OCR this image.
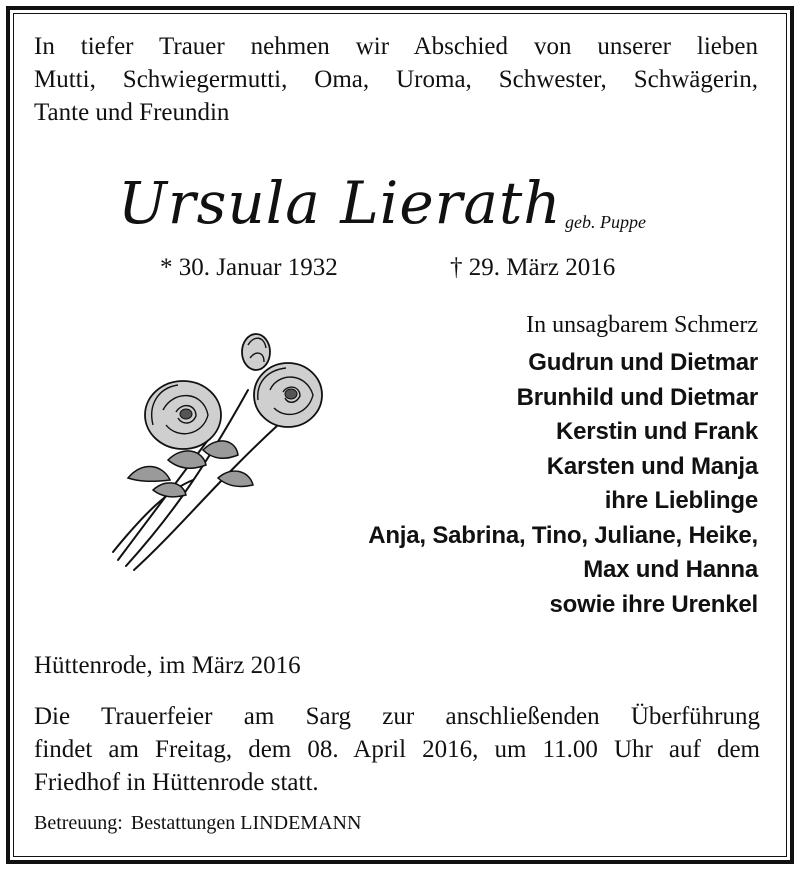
In tiefer Trauer nehmen wir Abschied von unserer lieben
Mutti, Schwiegermutti, Oma, Uroma, Schwester, Schwägerin,
Tante und Freundin
Ursula Lierath geb. Puppe
* 30. Januar 1932	† 29. März 2016
In unsagbarem Schmerz
Gudrun und Dietmar
Brunhild und Dietmar
Kerstin und Frank
Karsten und Manja
ihre Lieblinge
Anja, Sabrina, Tino, Juliane, Heike,
Max und Hanna
sowie ihre Urenkel
Hüttenrode, im März 2016
Die Trauerfeier am Sarg zur anschließenden Überführung
findet am Freitag, dem 08. April 2016, um 11.00 Uhr auf dem
Friedhof in Hüttenrode statt.
Betreuung: Bestattungen LINDEMANN
